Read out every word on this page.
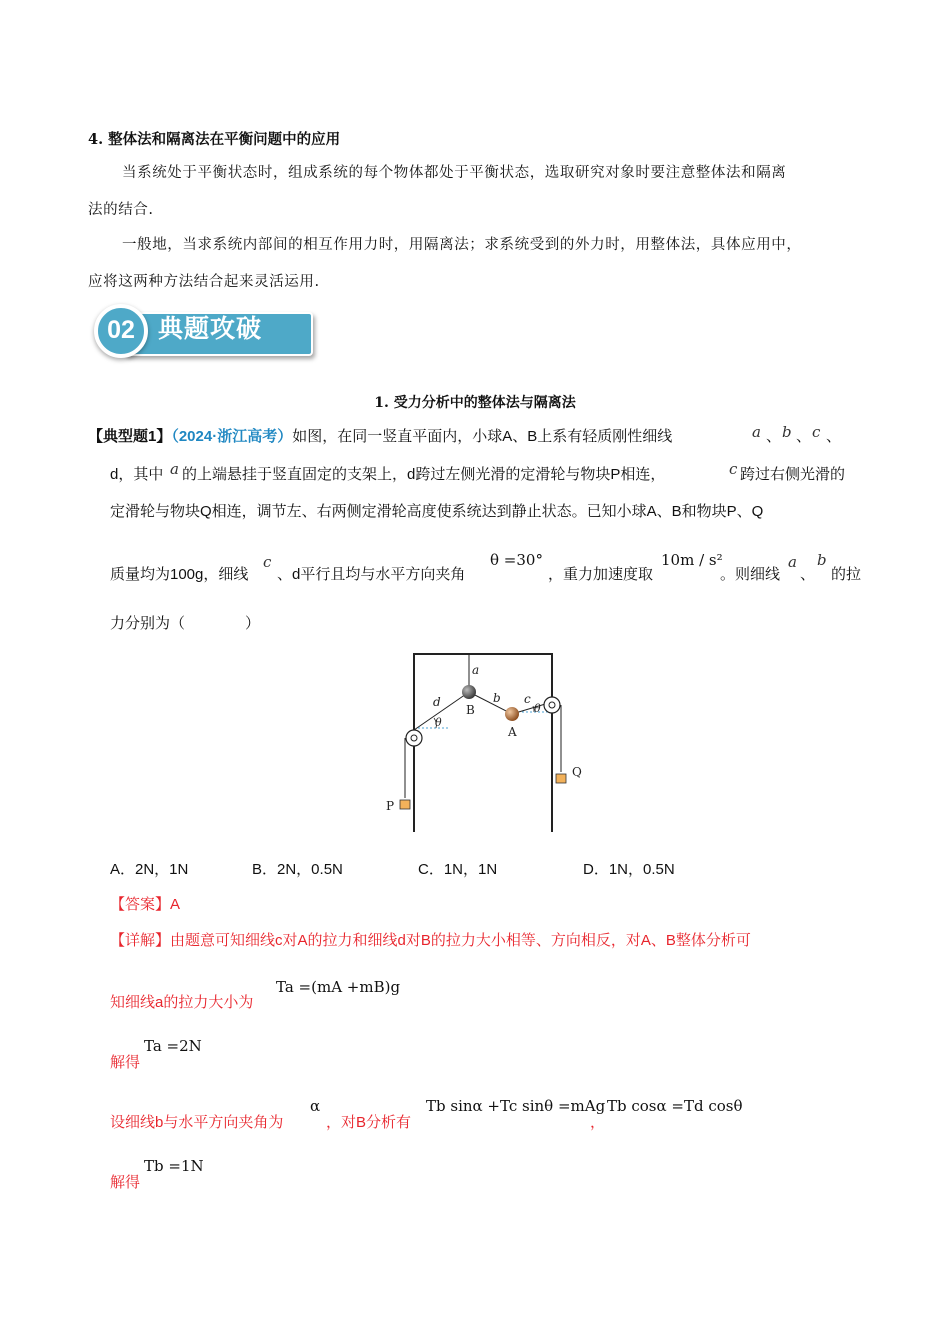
4. 整体法和隔离法在平衡问题中的应用
当系统处于平衡状态时，组成系统的每个物体都处于平衡状态，选取研究对象时要注意整体法和隔离
法的结合.
一般地，当求系统内部间的相互作用力时，用隔离法；求系统受到的外力时，用整体法，具体应用中，
应将这两种方法结合起来灵活运用.
02 典题攻破
1. 受力分析中的整体法与隔离法
【典型题1】（2024·浙江高考）如图，在同一竖直平面内，小球A、B上系有轻质刚性细线	a 、 b 、 c 、
d，其中 a 的上端悬挂于竖直固定的支架上，d跨过左侧光滑的定滑轮与物块P相连，	c 跨过右侧光滑的
定滑轮与物块Q相连，调节左、右两侧定滑轮高度使系统达到静止状态。已知小球A、B和物块P、Q
质量均为100g，细线
c
、d平行且均与水平方向夹角
θ =30°
，重力加速度取
10m / s²
。则细线
a
、
b
的拉
力分别为（　　　　）
a
d	b c
B
A
θ
θ
P
Q
A．2N，1N	B．2N，0.5N	C．1N，1N	D．1N，0.5N
【答案】A
【详解】由题意可知细线c对A的拉力和细线d对B的拉力大小相等、方向相反，对A、B整体分析可
知细线a的拉力大小为
Ta =(mA +mB)g
解得
Ta =2N
设细线b与水平方向夹角为
α
，对B分析有
Tb sinα +Tc sinθ =mAg
，
Tb cosα =Td cosθ
解得
Tb =1N
